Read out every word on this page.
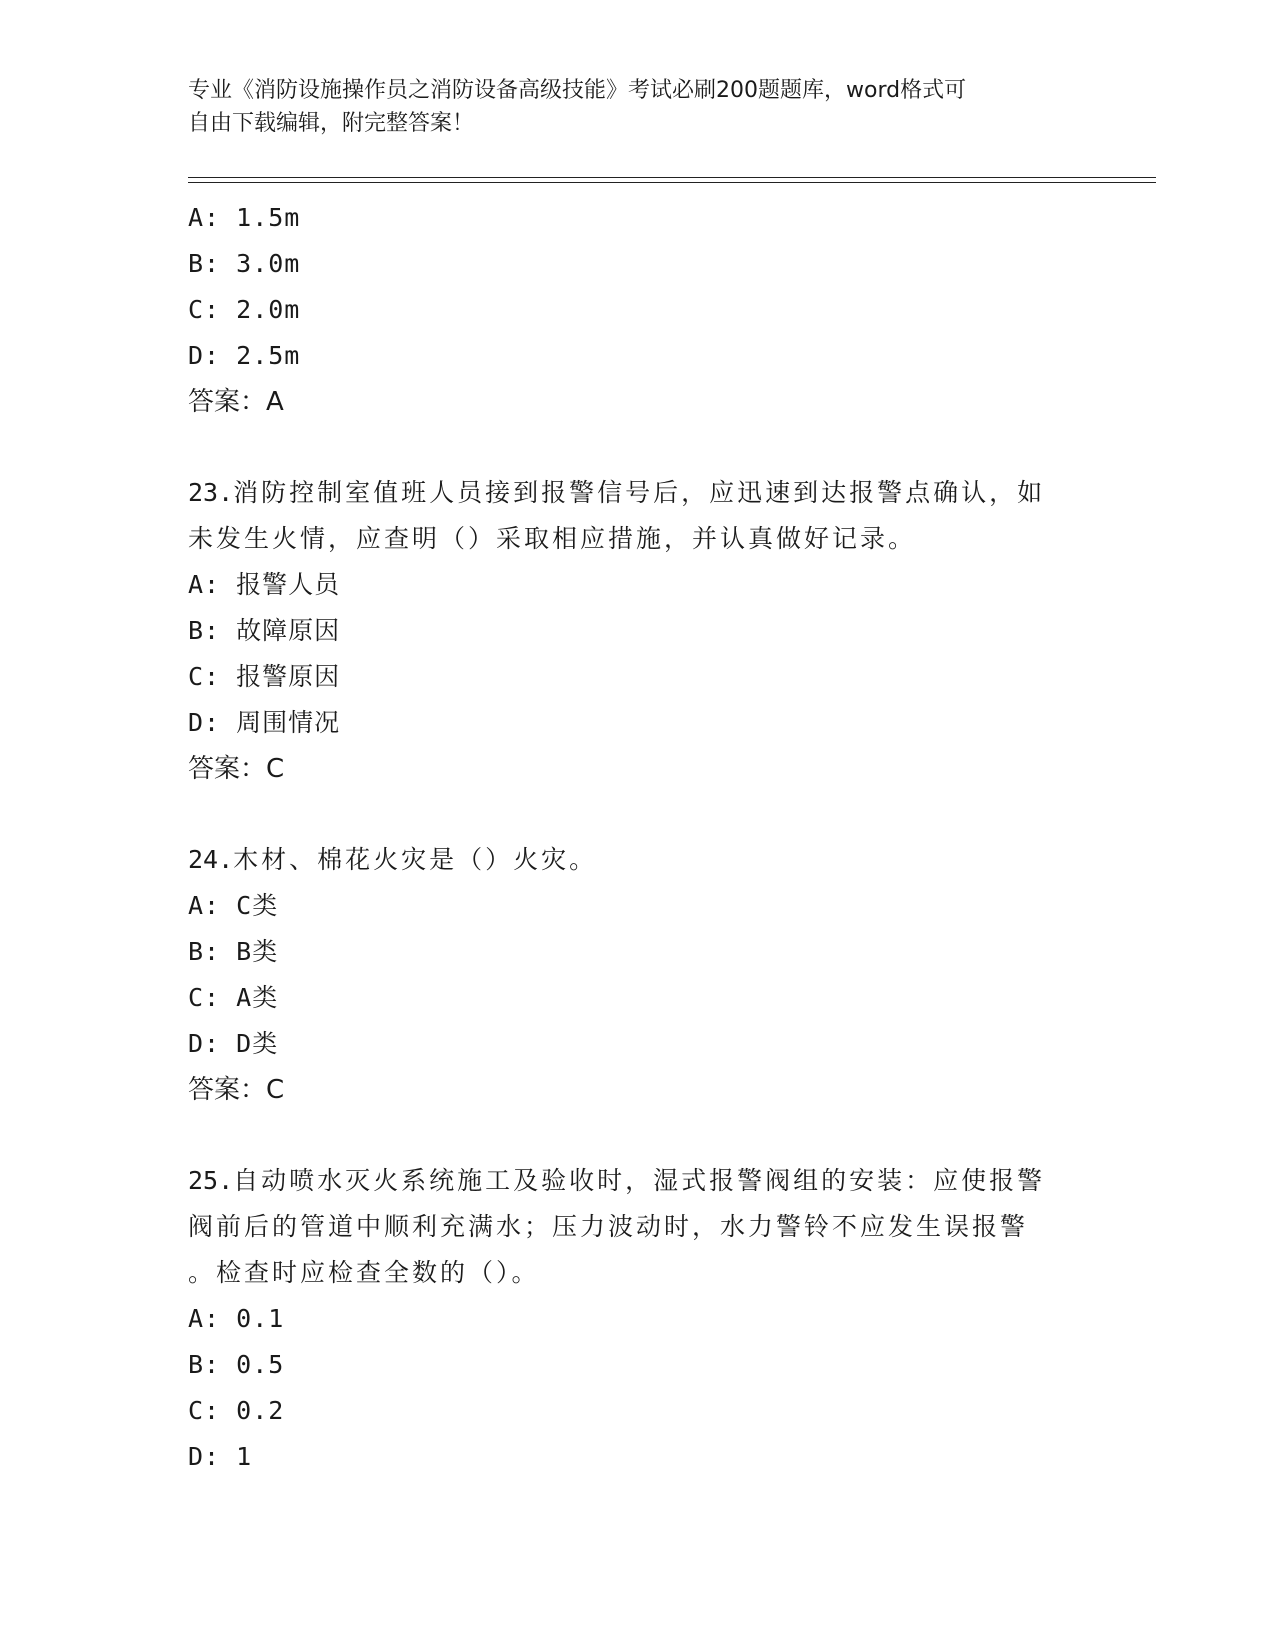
专业《消防设施操作员之消防设备高级技能》考试必刷200题题库，word格式可
自由下载编辑，附完整答案！
A: 1.5m
B: 3.0m
C: 2.0m
D: 2.5m
答案：A
23.消防控制室值班人员接到报警信号后，应迅速到达报警点确认，如
未发生火情，应查明（）采取相应措施，并认真做好记录。
A: 报警人员
B: 故障原因
C: 报警原因
D: 周围情况
答案：C
24.木材、棉花火灾是（）火灾。
A: C类
B: B类
C: A类
D: D类
答案：C
25.自动喷水灭火系统施工及验收时，湿式报警阀组的安装：应使报警
阀前后的管道中顺利充满水；压力波动时，水力警铃不应发生误报警
。检查时应检查全数的（）。
A: 0.1
B: 0.5
C: 0.2
D: 1
